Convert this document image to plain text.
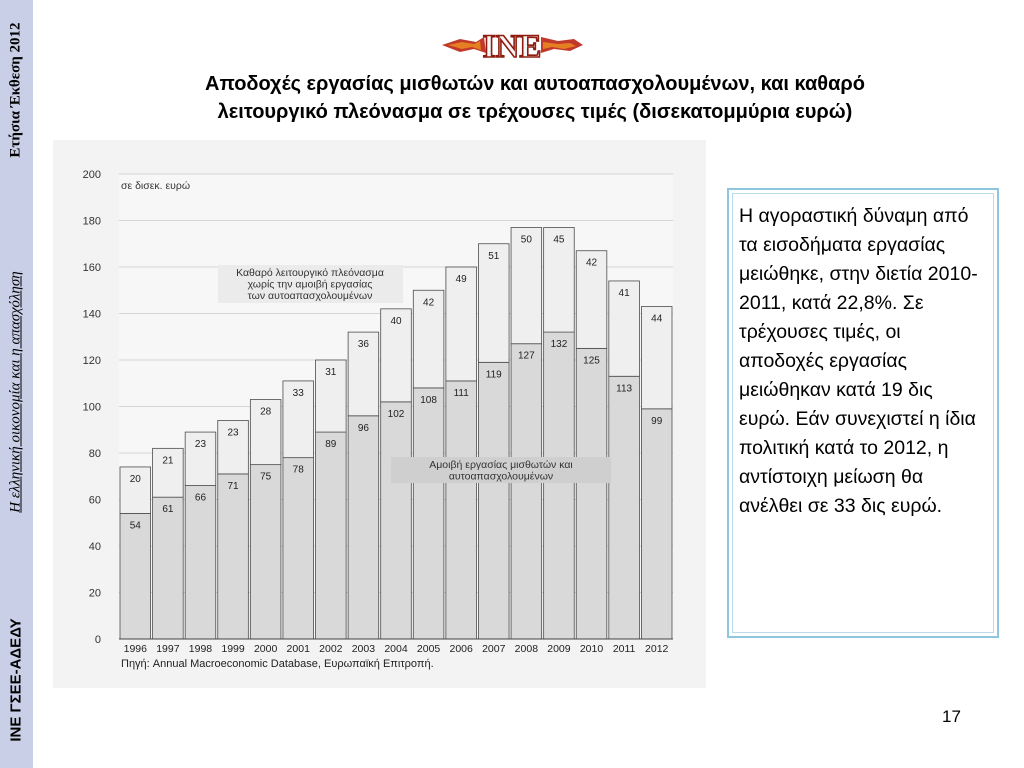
Ετήσια Έκθεση 2012
Η ελληνική οικονομία και η απασχόληση
ΙΝΕ ΓΣΕΕ-ΑΔΕΔΥ
INE
Αποδοχές εργασίας μισθωτών και αυτοαπασχολουμένων, και καθαρό
λειτουργικό πλεόνασμα σε τρέχουσες τιμές (δισεκατομμύρια ευρώ)
0
20
40
60
80
100
120
140
160
180
200
σε δισεκ. ευρώ
54
20
1996
61
21
1997
66
23
1998
71
23
1999
75
28
2000
78
33
2001
89
31
2002
96
36
2003
102
40
2004
108
42
2005
111
49
2006
119
51
2007
127
50
2008
132
45
2009
125
42
2010
113
41
2011
99
44
2012
Καθαρό λειτουργικό πλεόνασμα
χωρίς την αμοιβή εργασίας
των αυτοαπασχολουμένων
Αμοιβή εργασίας μισθωτών και
αυτοαπασχολουμένων
Πηγή: Annual Macroeconomic Database, Ευρωπαϊκή Επιτροπή.
Η αγοραστική δύναμη από τα εισοδήματα εργασίας μειώθηκε, στην διετία 2010-2011, κατά 22,8%. Σε τρέχουσες τιμές, οι αποδοχές εργασίας μειώθηκαν κατά 19 δις ευρώ. Εάν συνεχιστεί η ίδια πολιτική κατά το 2012, η αντίστοιχη μείωση θα ανέλθει σε 33 δις ευρώ.
17
